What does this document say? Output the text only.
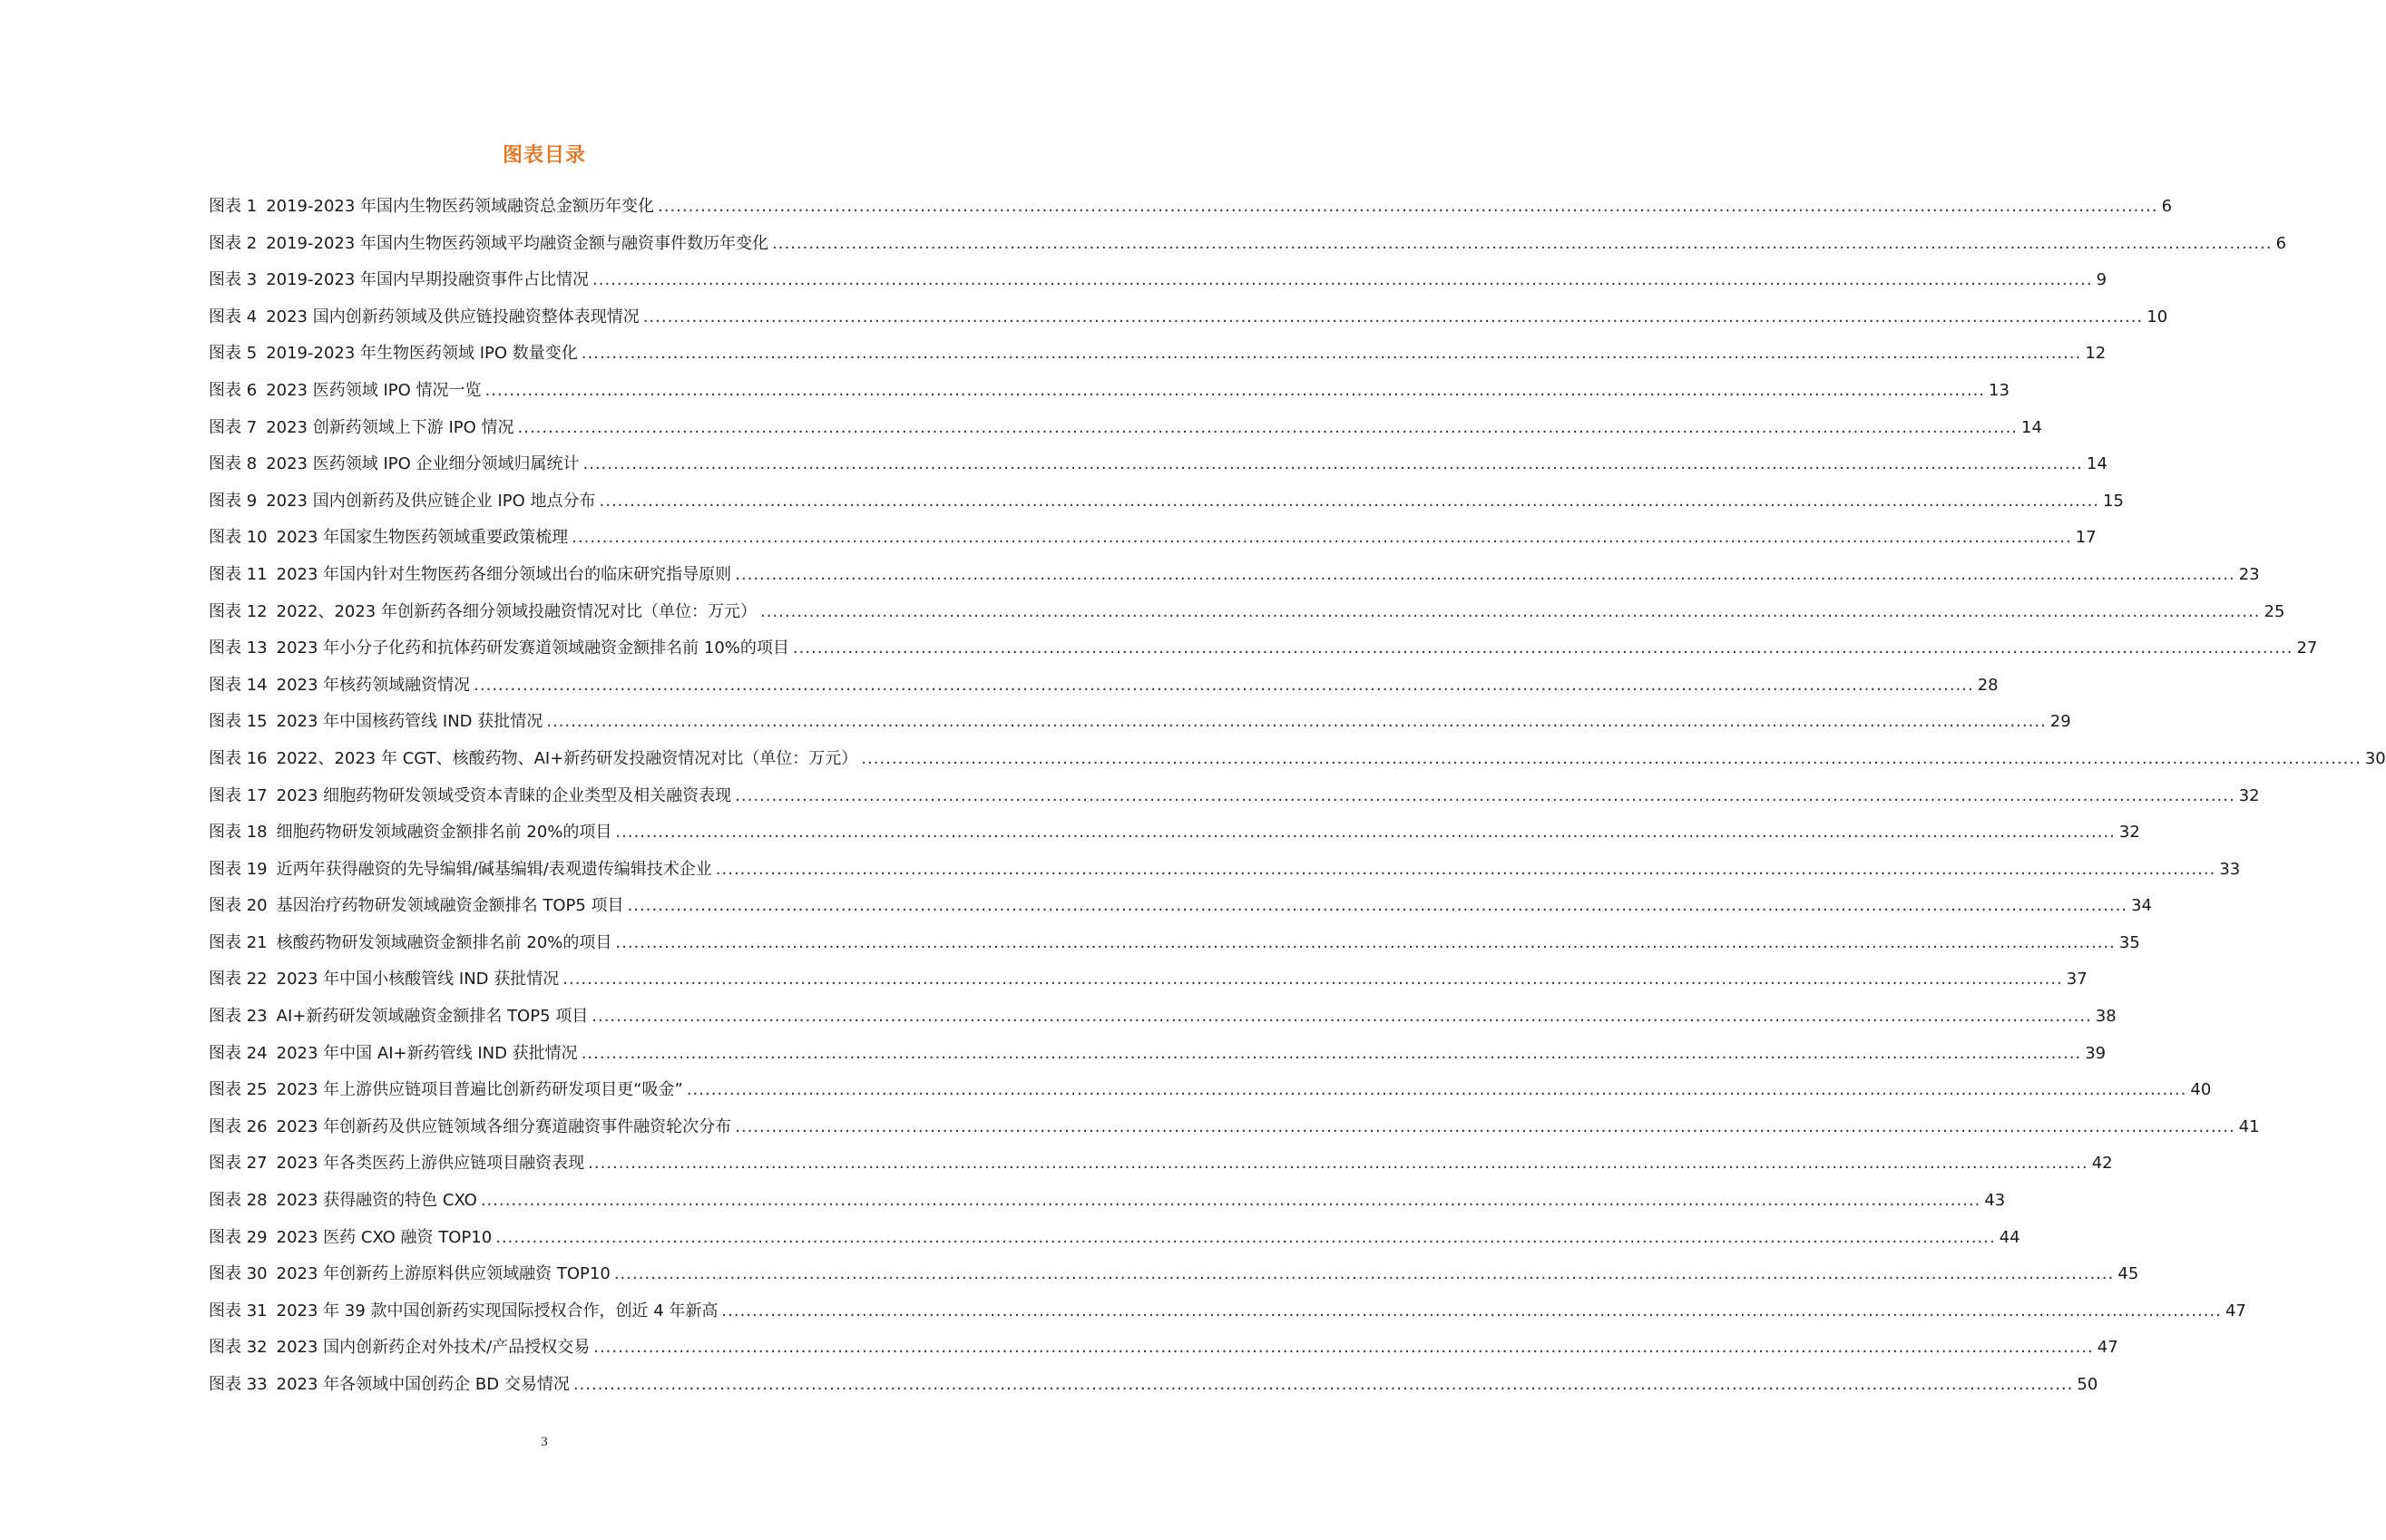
图表目录
图表 1 2019-2023 年国内生物医药领域融资总金额历年变化 .....	6
图表 2 2019-2023 年国内生物医药领域平均融资金额与融资事件数历年变化 .....	6
图表 3 2019-2023 年国内早期投融资事件占比情况 .....	9
图表 4 2023 国内创新药领域及供应链投融资整体表现情况 .....	10
图表 5 2019-2023 年生物医药领域 IPO 数量变化 .....	12
图表 6 2023 医药领域 IPO 情况一览 .....	13
图表 7 2023 创新药领域上下游 IPO 情况 .....	14
图表 8 2023 医药领域 IPO 企业细分领域归属统计 .....	14
图表 9 2023 国内创新药及供应链企业 IPO 地点分布 .....	15
图表 10 2023 年国家生物医药领域重要政策梳理 .....	17
图表 11 2023 年国内针对生物医药各细分领域出台的临床研究指导原则 .....	23
图表 12 2022、2023 年创新药各细分领域投融资情况对比（单位：万元） .....	25
图表 13 2023 年小分子化药和抗体药研发赛道领域融资金额排名前 10%的项目 .....	27
图表 14 2023 年核药领域融资情况 .....	28
图表 15 2023 年中国核药管线 IND 获批情况 .....	29
图表 16 2022、2023 年 CGT、核酸药物、AI+新药研发投融资情况对比（单位：万元） .....	30
图表 17 2023 细胞药物研发领域受资本青睐的企业类型及相关融资表现 .....	32
图表 18 细胞药物研发领域融资金额排名前 20%的项目 .....	32
图表 19 近两年获得融资的先导编辑/碱基编辑/表观遗传编辑技术企业 .....	33
图表 20 基因治疗药物研发领域融资金额排名 TOP5 项目 .....	34
图表 21 核酸药物研发领域融资金额排名前 20%的项目 .....	35
图表 22 2023 年中国小核酸管线 IND 获批情况 .....	37
图表 23 AI+新药研发领域融资金额排名 TOP5 项目 .....	38
图表 24 2023 年中国 AI+新药管线 IND 获批情况 .....	39
图表 25 2023 年上游供应链项目普遍比创新药研发项目更“吸金” .....	40
图表 26 2023 年创新药及供应链领域各细分赛道融资事件融资轮次分布 .....	41
图表 27 2023 年各类医药上游供应链项目融资表现 .....	42
图表 28 2023 获得融资的特色 CXO .....	43
图表 29 2023 医药 CXO 融资 TOP10 .....	44
图表 30 2023 年创新药上游原料供应领域融资 TOP10 .....	45
图表 31 2023 年 39 款中国创新药实现国际授权合作，创近 4 年新高 .....	47
图表 32 2023 国内创新药企对外技术/产品授权交易 .....	47
图表 33 2023 年各领域中国创药企 BD 交易情况 .....	50
3
